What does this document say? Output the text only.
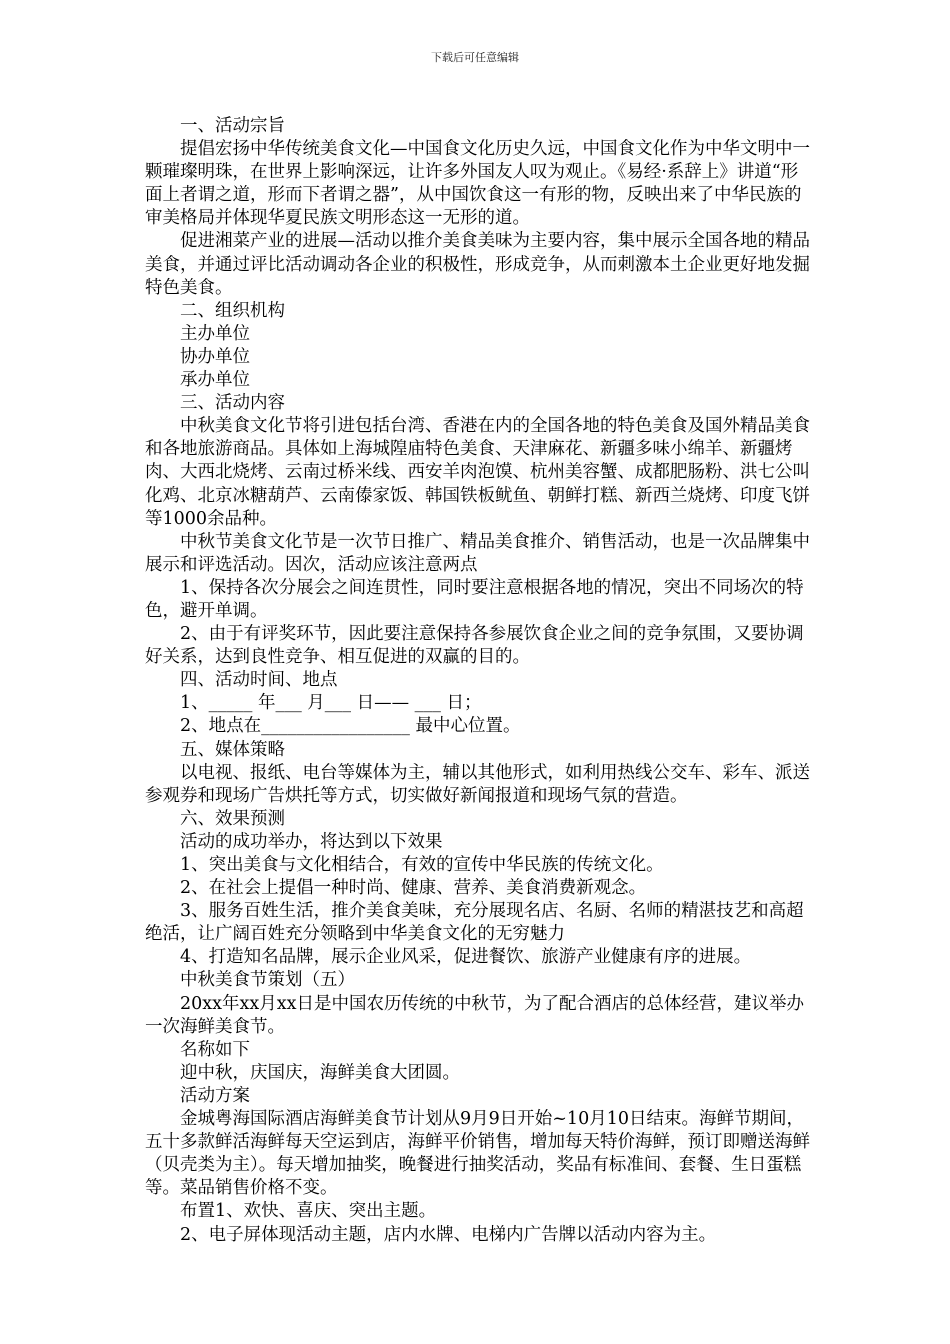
下载后可任意编辑

一、活动宗旨

提倡宏扬中华传统美食文化—中国食文化历史久远，中国食文化作为中华文明中一颗璀璨明珠，在世界上影响深远，让许多外国友人叹为观止。《易经·系辞上》讲道“形面上者谓之道，形而下者谓之器”，从中国饮食这一有形的物，反映出来了中华民族的审美格局并体现华夏民族文明形态这一无形的道。

促进湘菜产业的进展—活动以推介美食美味为主要内容，集中展示全国各地的精品美食，并通过评比活动调动各企业的积极性，形成竞争，从而刺激本土企业更好地发掘特色美食。

二、组织机构

主办单位

协办单位

承办单位

三、活动内容

中秋美食文化节将引进包括台湾、香港在内的全国各地的特色美食及国外精品美食和各地旅游商品。具体如上海城隍庙特色美食、天津麻花、新疆多味小绵羊、新疆烤肉、大西北烧烤、云南过桥米线、西安羊肉泡馍、杭州美容蟹、成都肥肠粉、洪七公叫化鸡、北京冰糖葫芦、云南傣家饭、韩国铁板鱿鱼、朝鲜打糕、新西兰烧烤、印度飞饼等1000余品种。

中秋节美食文化节是一次节日推广、精品美食推介、销售活动，也是一次品牌集中展示和评选活动。因次，活动应该注意两点

1、保持各次分展会之间连贯性，同时要注意根据各地的情况，突出不同场次的特色，避开单调。

2、由于有评奖环节，因此要注意保持各参展饮食企业之间的竞争氛围，又要协调好关系，达到良性竞争、相互促进的双赢的目的。

四、活动时间、地点

1、_____ 年___ 月___ 日—— ___ 日；

2、地点在_________________ 最中心位置。

五、媒体策略

以电视、报纸、电台等媒体为主，辅以其他形式，如利用热线公交车、彩车、派送参观券和现场广告烘托等方式，切实做好新闻报道和现场气氛的营造。

六、效果预测

活动的成功举办，将达到以下效果

1、突出美食与文化相结合，有效的宣传中华民族的传统文化。

2、在社会上提倡一种时尚、健康、营养、美食消费新观念。

3、服务百姓生活，推介美食美味，充分展现名店、名厨、名师的精湛技艺和高超绝活，让广阔百姓充分领略到中华美食文化的无穷魅力

4、打造知名品牌，展示企业风采，促进餐饮、旅游产业健康有序的进展。

中秋美食节策划（五）

20xx年xx月xx日是中国农历传统的中秋节，为了配合酒店的总体经营，建议举办一次海鲜美食节。

名称如下

迎中秋，庆国庆，海鲜美食大团圆。

活动方案

金城粤海国际酒店海鲜美食节计划从9月9日开始~10月10日结束。海鲜节期间，五十多款鲜活海鲜每天空运到店，海鲜平价销售，增加每天特价海鲜，预订即赠送海鲜（贝壳类为主）。每天增加抽奖，晚餐进行抽奖活动，奖品有标准间、套餐、生日蛋糕等。菜品销售价格不变。

布置1、欢快、喜庆、突出主题。

2、电子屏体现活动主题，店内水牌、电梯内广告牌以活动内容为主。
